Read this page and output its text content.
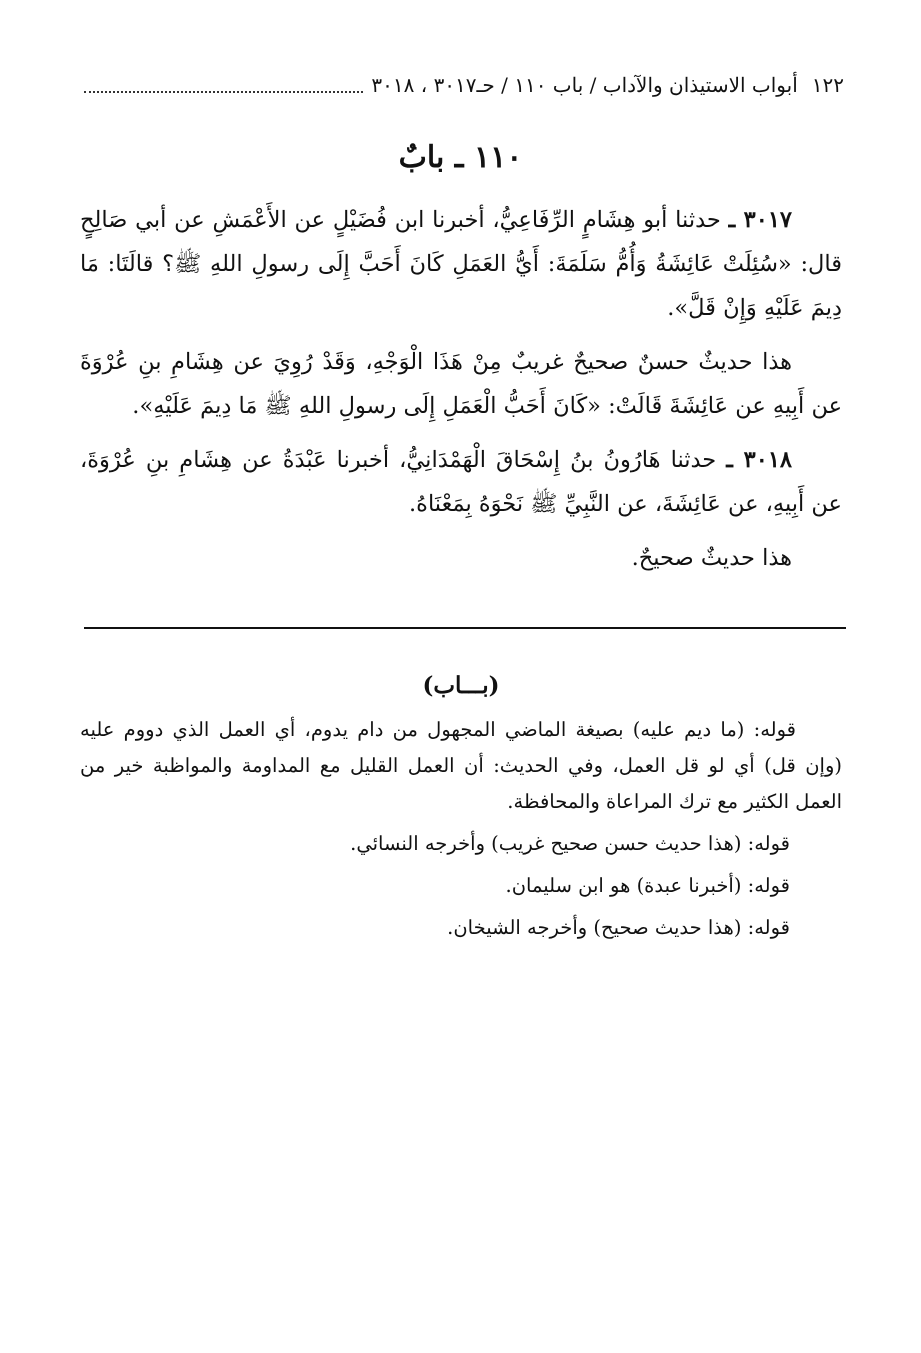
١٢٢
أبواب الاستيذان والآداب / باب ١١٠ / حـ٣٠١٧ ، ٣٠١٨
١١٠ ـ بابٌ

٣٠١٧ ـ حدثنا أبو هِشَامٍ الرِّفَاعِيُّ، أخبرنا ابن فُضَيْلٍ عن الأَعْمَشِ عن أبي صَالِحٍ قال: «سُئِلَتْ عَائِشَةُ وَأُمُّ سَلَمَةَ: أَيُّ العَمَلِ كَانَ أَحَبَّ إِلَى رسولِ اللهِ ﷺ؟ قالَتَا: مَا دِيمَ عَلَيْهِ وَإِنْ قَلَّ».

هذا حديثٌ حسنٌ صحيحٌ غريبٌ مِنْ هَذَا الْوَجْهِ، وَقَدْ رُوِيَ عن هِشَامِ بنِ عُرْوَةَ عن أَبِيهِ عن عَائِشَةَ قَالَتْ: «كَانَ أَحَبُّ الْعَمَلِ إِلَى رسولِ اللهِ ﷺ مَا دِيمَ عَلَيْهِ».

٣٠١٨ ـ حدثنا هَارُونُ بنُ إِسْحَاقَ الْهَمْدَانِيُّ، أخبرنا عَبْدَةُ عن هِشَامِ بنِ عُرْوَةَ، عن أَبِيهِ، عن عَائِشَةَ، عن النَّبِيِّ ﷺ نَحْوَهُ بِمَعْنَاهُ.

هذا حديثٌ صحيحٌ.

(بـــاب)

قوله: (ما ديم عليه) بصيغة الماضي المجهول من دام يدوم، أي العمل الذي دووم عليه (وإن قل) أي لو قل العمل، وفي الحديث: أن العمل القليل مع المداومة والمواظبة خير من العمل الكثير مع ترك المراعاة والمحافظة.

قوله: (هذا حديث حسن صحيح غريب) وأخرجه النسائي.

قوله: (أخبرنا عبدة) هو ابن سليمان.

قوله: (هذا حديث صحيح) وأخرجه الشيخان.
